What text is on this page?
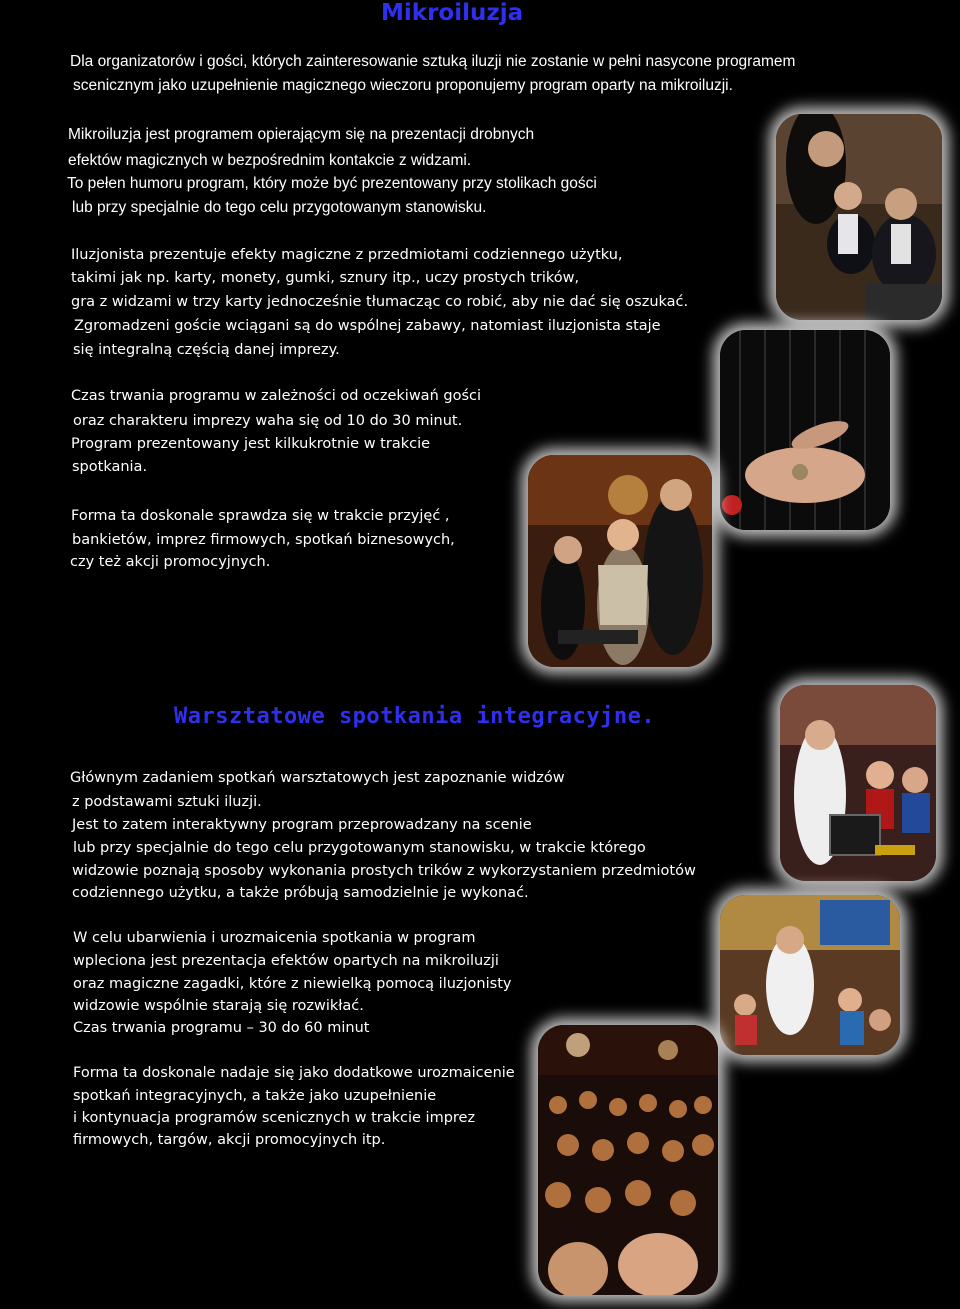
Mikroiluzja
Dla organizatorów i gości, których zainteresowanie sztuką iluzji nie zostanie w pełni nasycone programem
scenicznym jako uzupełnienie magicznego wieczoru proponujemy program oparty na mikroiluzji.
Mikroiluzja jest programem opierającym się na prezentacji drobnych
efektów magicznych w bezpośrednim kontakcie z widzami.
To pełen humoru program, który może być prezentowany przy stolikach gości
lub przy specjalnie do tego celu przygotowanym stanowisku.
Iluzjonista prezentuje efekty magiczne z przedmiotami codziennego użytku,
takimi jak np. karty, monety, gumki, sznury itp., uczy prostych trików,
gra z widzami w trzy karty jednocześnie tłumacząc co robić, aby nie dać się oszukać.
Zgromadzeni goście wciągani są do wspólnej zabawy, natomiast iluzjonista staje
się integralną częścią danej imprezy.
Czas trwania programu w zależności od oczekiwań gości
oraz charakteru imprezy waha się od 10 do 30 minut.
Program prezentowany jest kilkukrotnie w trakcie
spotkania.
Forma ta doskonale sprawdza się w trakcie przyjęć ,
bankietów, imprez firmowych, spotkań biznesowych,
czy też akcji promocyjnych.
Warsztatowe spotkania integracyjne.
Głównym zadaniem spotkań warsztatowych jest zapoznanie widzów
z podstawami sztuki iluzji.
Jest to zatem interaktywny program przeprowadzany na scenie
lub przy specjalnie do tego celu przygotowanym stanowisku, w trakcie którego
widzowie poznają sposoby wykonania prostych trików z wykorzystaniem przedmiotów
codziennego użytku, a także próbują samodzielnie je wykonać.
W celu ubarwienia i urozmaicenia spotkania w program
wpleciona jest prezentacja efektów opartych na mikroiluzji
oraz magiczne zagadki, które z niewielką pomocą iluzjonisty
widzowie wspólnie starają się rozwikłać.
Czas trwania programu – 30 do 60 minut
Forma ta doskonale nadaje się jako dodatkowe urozmaicenie
spotkań integracyjnych, a także jako uzupełnienie
i kontynuacja programów scenicznych w trakcie imprez
firmowych, targów, akcji promocyjnych itp.
